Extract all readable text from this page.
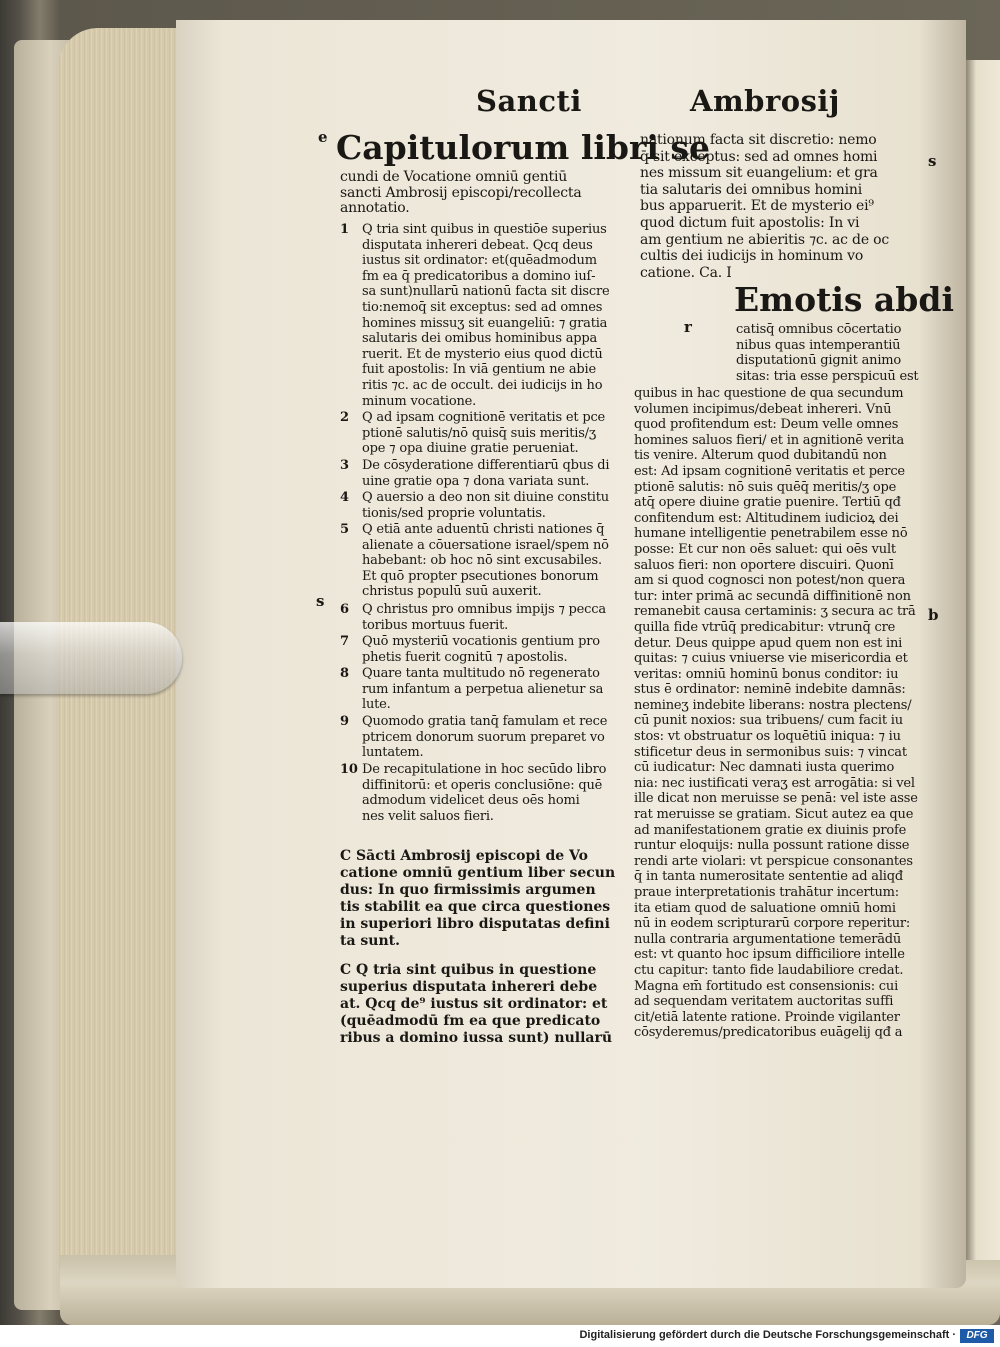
Sancti	Ambrosij
e
s
b
s
r
Capitulorum libri se
cundi de Vocatione omniū gentiū
sancti Ambrosij episcopi/recollecta
annotatio.
1 Q tria sint quibus in questiōe superius
disputata inhereri debeat. Qcq deus
iustus sit ordinator: et(quēadmodum
fm ea q̄ predicatoribus a domino iuſ-
sa sunt)nullarū nationū facta sit discre
tio:nemoq̄ sit exceptus: sed ad omnes
homines missuʒ sit euangeliū: ⁊ gratia
salutaris dei omibus hominibus appa
ruerit. Et de mysterio eius quod dictū
fuit apostolis: In viā gentium ne abie
ritis ⁊c. ac de occult. dei iudicijs in ho
minum vocatione.
2 Q ad ipsam cognitionē veritatis et pce
ptionē salutis/nō quisq̄ suis meritis/ʒ
ope ⁊ opa diuine gratie perueniat.
3 De cōsyderatione differentiarū qbus di
uine gratie opa ⁊ dona variata sunt.
4 Q auersio a deo non sit diuine constitu
tionis/sed proprie voluntatis.
5 Q etiā ante aduentū christi nationes q̄
alienate a cōuersatione israel/spem nō
habebant: ob hoc nō sint excusabiles.
Et quō propter psecutiones bonorum
christus populū suū auxerit.
6 Q christus pro omnibus impijs ⁊ pecca
toribus mortuus fuerit.
7 Quō mysteriū vocationis gentium pro
phetis fuerit cognitū ⁊ apostolis.
8 Quare tanta multitudo nō regenerato
rum infantum a perpetua alienetur sa
lute.
9 Quomodo gratia tanq̄ famulam et rece
ptricem donorum suorum preparet vo
luntatem.
10 De recapitulatione in hoc secūdo libro
diffinitorū: et operis conclusiōne: quē
admodum videlicet deus oēs homi
nes velit saluos fieri.
C Sācti Ambrosij episcopi de Vo
catione omniū gentium liber secun
dus: In quo firmissimis argumen
tis stabilit ea que circa questiones
in superiori libro disputatas defini
ta sunt.
C Q tria sint quibus in questione
superius disputata inhereri debe
at. Qcq de⁹ iustus sit ordinator: et
(quēadmodū fm ea que predicato
ribus a domino iussa sunt) nullarū
nationum facta sit discretio: nemo
q̄ sit exceptus: sed ad omnes homi
nes missum sit euangelium: et gra
tia salutaris dei omnibus homini
bus apparuerit. Et de mysterio ei⁹
quod dictum fuit apostolis: In vi
am gentium ne abieritis ⁊c. ac de oc
cultis dei iudicijs in hominum vo
catione. Ca. I
Emotis abdi
catisq̄ omnibus cōcertatio
nibus quas intemperantiū
disputationū gignit animo
sitas: tria esse perspicuū est
quibus in hac questione de qua secundum
volumen incipimus/debeat inhereri. Vnū
quod profitendum est: Deum velle omnes
homines saluos fieri/ et in agnitionē verita
tis venire. Alterum quod dubitandū non
est: Ad ipsam cognitionē veritatis et perce
ptionē salutis: nō suis quēq̄ meritis/ʒ ope
atq̄ opere diuine gratie puenire. Tertiū qđ
confitendum est: Altitudinem iudicioꝝ dei
humane intelligentie penetrabilem esse nō
posse: Et cur non oēs saluet: qui oēs vult
saluos fieri: non oportere discuiri. Quonī
am si quod cognosci non potest/non quera
tur: inter primā ac secundā diffinitionē non
remanebit causa certaminis: ʒ secura ac trā
quilla fide vtrūq̄ predicabitur: vtrunq̄ cre
detur. Deus quippe apud quem non est ini
quitas: ⁊ cuius vniuerse vie misericordia et
veritas: omniū hominū bonus conditor: iu
stus ē ordinator: neminē indebite damnās:
nemineʒ indebite liberans: nostra plectens/
cū punit noxios: sua tribuens/ cum facit iu
stos: vt obstruatur os loquētiū iniqua: ⁊ iu
stificetur deus in sermonibus suis: ⁊ vincat
cū iudicatur: Nec damnati iusta querimo
nia: nec iustificati veraʒ est arrogātia: si vel
ille dicat non meruisse se penā: vel iste asse
rat meruisse se gratiam. Sicut autez ea que
ad manifestationem gratie ex diuinis profe
runtur eloquijs: nulla possunt ratione disse
rendi arte violari: vt perspicue consonantes
q̄ in tanta numerositate sententie ad aliqđ
praue interpretationis trahātur incertum:
ita etiam quod de saluatione omniū homi
nū in eodem scripturarū corpore reperitur:
nulla contraria argumentatione temerādū
est: vt quanto hoc ipsum difficiliore intelle
ctu capitur: tanto fide laudabiliore credat.
Magna em̄ fortitudo est consensionis: cui
ad sequendam veritatem auctoritas suffi
cit/etiā latente ratione. Proinde vigilanter
cōsyderemus/predicatoribus euāgelij qđ a
Digitalisierung gefördert durch die Deutsche Forschungsgemeinschaft ·	DFG
